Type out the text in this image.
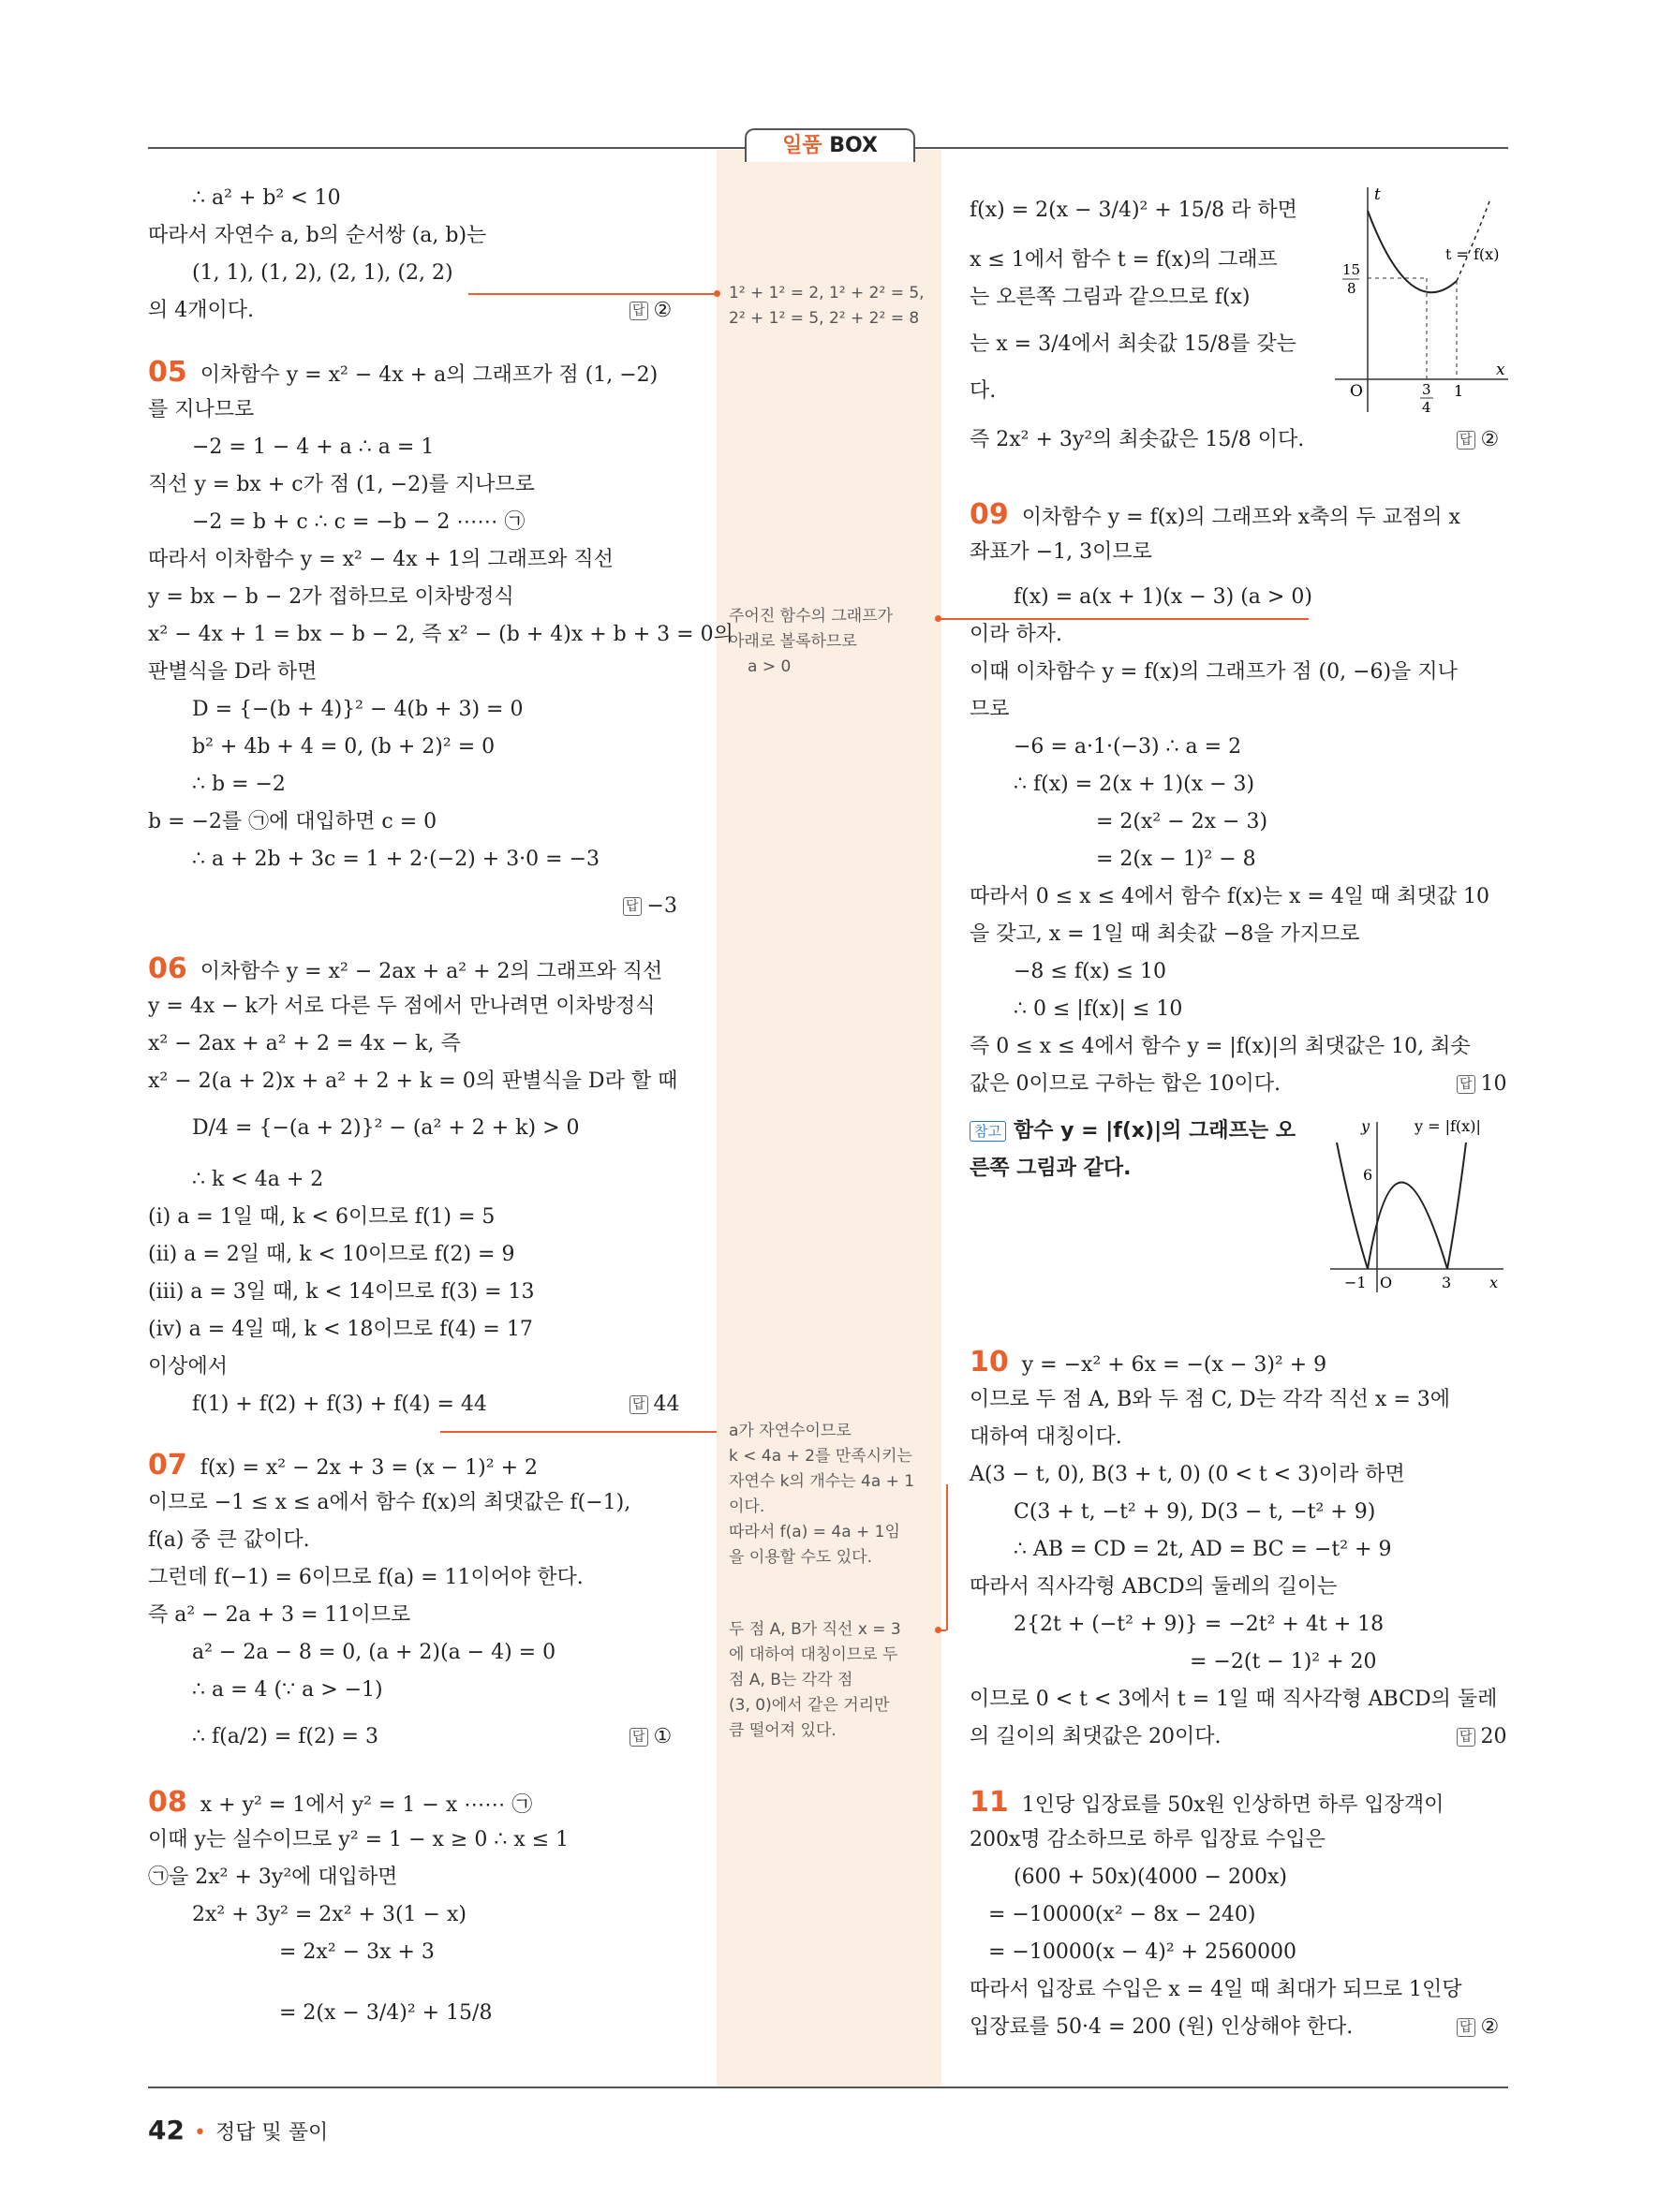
일품 BOX
∴ a² + b² < 10
따라서 자연수 a, b의 순서쌍 (a, b)는
(1, 1), (1, 2), (2, 1), (2, 2)
의 4개이다.	답 ②
05 이차함수 y = x² − 4x + a의 그래프가 점 (1, −2)
를 지나므로
−2 = 1 − 4 + a ∴ a = 1
직선 y = bx + c가 점 (1, −2)를 지나므로
−2 = b + c ∴ c = −b − 2 ⋯⋯ ㉠
따라서 이차함수 y = x² − 4x + 1의 그래프와 직선
y = bx − b − 2가 접하므로 이차방정식
x² − 4x + 1 = bx − b − 2, 즉 x² − (b + 4)x + b + 3 = 0의
판별식을 D라 하면
D = {−(b + 4)}² − 4(b + 3) = 0
b² + 4b + 4 = 0, (b + 2)² = 0
∴ b = −2
b = −2를 ㉠에 대입하면 c = 0
∴ a + 2b + 3c = 1 + 2·(−2) + 3·0 = −3
답 −3
06 이차함수 y = x² − 2ax + a² + 2의 그래프와 직선
y = 4x − k가 서로 다른 두 점에서 만나려면 이차방정식
x² − 2ax + a² + 2 = 4x − k, 즉
x² − 2(a + 2)x + a² + 2 + k = 0의 판별식을 D라 할 때
D/4 = {−(a + 2)}² − (a² + 2 + k) > 0
∴ k < 4a + 2
(ⅰ) a = 1일 때, k < 6이므로 f(1) = 5
(ⅱ) a = 2일 때, k < 10이므로 f(2) = 9
(ⅲ) a = 3일 때, k < 14이므로 f(3) = 13
(ⅳ) a = 4일 때, k < 18이므로 f(4) = 17
이상에서
f(1) + f(2) + f(3) + f(4) = 44	답 44
07 f(x) = x² − 2x + 3 = (x − 1)² + 2
이므로 −1 ≤ x ≤ a에서 함수 f(x)의 최댓값은 f(−1),
f(a) 중 큰 값이다.
그런데 f(−1) = 6이므로 f(a) = 11이어야 한다.
즉 a² − 2a + 3 = 11이므로
a² − 2a − 8 = 0, (a + 2)(a − 4) = 0
∴ a = 4 (∵ a > −1)
∴ f(a/2) = f(2) = 3	답 ①
08 x + y² = 1에서 y² = 1 − x ⋯⋯ ㉠
이때 y는 실수이므로 y² = 1 − x ≥ 0 ∴ x ≤ 1
㉠을 2x² + 3y²에 대입하면
2x² + 3y² = 2x² + 3(1 − x)
= 2x² − 3x + 3
= 2(x − 3/4)² + 15/8
1² + 1² = 2, 1² + 2² = 5,
2² + 1² = 5, 2² + 2² = 8
주어진 함수의 그래프가
아래로 볼록하므로
a > 0
a가 자연수이므로
k < 4a + 2를 만족시키는
자연수 k의 개수는 4a + 1
이다.
따라서 f(a) = 4a + 1임
을 이용할 수도 있다.
두 점 A, B가 직선 x = 3
에 대하여 대칭이므로 두
점 A, B는 각각 점
(3, 0)에서 같은 거리만
큼 떨어져 있다.
f(x) = 2(x − 3/4)² + 15/8 라 하면
x ≤ 1에서 함수 t = f(x)의 그래프
는 오른쪽 그림과 같으므로 f(x)
는 x = 3/4에서 최솟값 15/8를 갖는
다.
즉 2x² + 3y²의 최솟값은 15/8 이다.	답 ②
t
t = f(x)
15
8
O	3
4
1
x
09 이차함수 y = f(x)의 그래프와 x축의 두 교점의 x
좌표가 −1, 3이므로
f(x) = a(x + 1)(x − 3) (a > 0)
이라 하자.
이때 이차함수 y = f(x)의 그래프가 점 (0, −6)을 지나
므로
−6 = a·1·(−3) ∴ a = 2
∴ f(x) = 2(x + 1)(x − 3)
= 2(x² − 2x − 3)
= 2(x − 1)² − 8
따라서 0 ≤ x ≤ 4에서 함수 f(x)는 x = 4일 때 최댓값 10
을 갖고, x = 1일 때 최솟값 −8을 가지므로
−8 ≤ f(x) ≤ 10
∴ 0 ≤ |f(x)| ≤ 10
즉 0 ≤ x ≤ 4에서 함수 y = |f(x)|의 최댓값은 10, 최솟
값은 0이므로 구하는 합은 10이다.	답 10
참고 함수 y = |f(x)|의 그래프는 오
른쪽 그림과 같다.
y	y = |f(x)|
6
−1 O	3	x
10 y = −x² + 6x = −(x − 3)² + 9
이므로 두 점 A, B와 두 점 C, D는 각각 직선 x = 3에
대하여 대칭이다.
A(3 − t, 0), B(3 + t, 0) (0 < t < 3)이라 하면
C(3 + t, −t² + 9), D(3 − t, −t² + 9)
∴ AB = CD = 2t, AD = BC = −t² + 9
따라서 직사각형 ABCD의 둘레의 길이는
2{2t + (−t² + 9)} = −2t² + 4t + 18
= −2(t − 1)² + 20
이므로 0 < t < 3에서 t = 1일 때 직사각형 ABCD의 둘레
의 길이의 최댓값은 20이다.	답 20
11 1인당 입장료를 50x원 인상하면 하루 입장객이
200x명 감소하므로 하루 입장료 수입은
(600 + 50x)(4000 − 200x)
= −10000(x² − 8x − 240)
= −10000(x − 4)² + 2560000
따라서 입장료 수입은 x = 4일 때 최대가 되므로 1인당
입장료를 50·4 = 200 (원) 인상해야 한다.	답 ②
42 • 정답 및 풀이
